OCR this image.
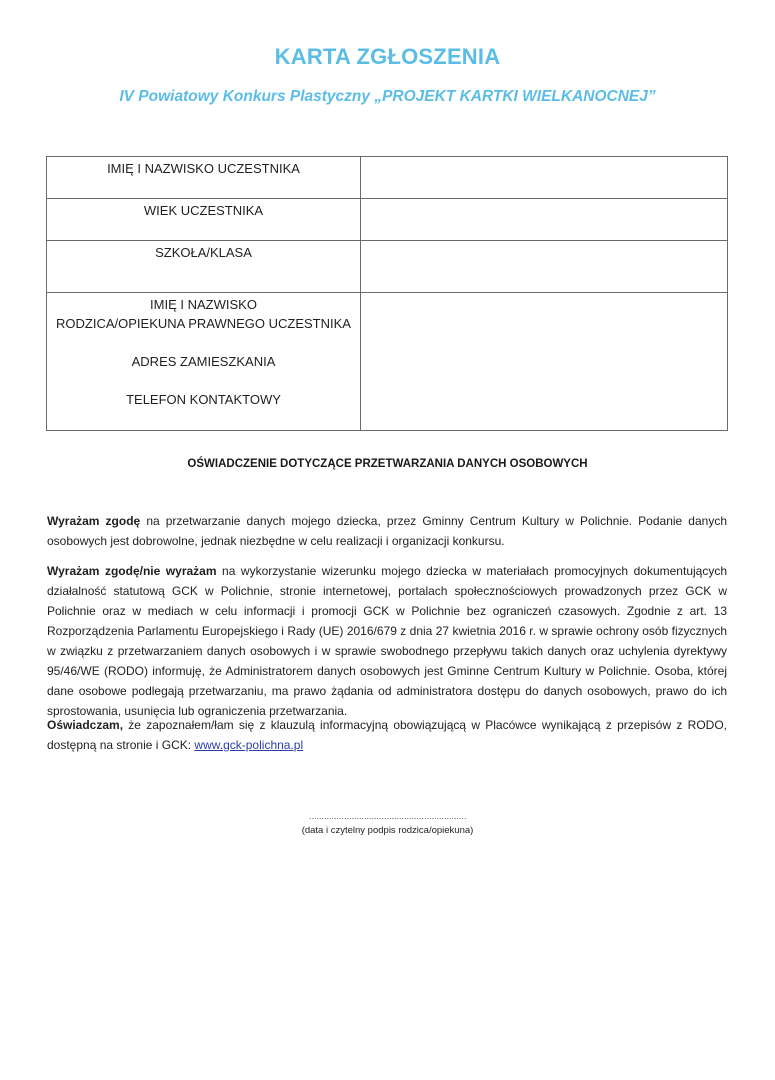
KARTA ZGŁOSZENIA
IV Powiatowy Konkurs Plastyczny „PROJEKT KARTKI WIELKANOCNEJ”
IMIĘ I NAZWISKO UCZESTNIKA	

WIEK UCZESTNIKA	

SZKOŁA/KLASA	

IMIĘ I NAZWISKO
RODZICA/OPIEKUNA PRAWNEGO UCZESTNIKA
ADRES ZAMIESZKANIA
TELEFON KONTAKTOWY	

OŚWIADCZENIE DOTYCZĄCE PRZETWARZANIA DANYCH OSOBOWYCH
Wyrażam zgodę na przetwarzanie danych mojego dziecka, przez Gminny Centrum Kultury w Polichnie. Podanie danych osobowych jest dobrowolne, jednak niezbędne w celu realizacji i organizacji konkursu.
Wyrażam zgodę/nie wyrażam na wykorzystanie wizerunku mojego dziecka w materiałach promocyjnych dokumentujących działalność statutową GCK w Polichnie, stronie internetowej, portalach społecznościowych prowadzonych przez GCK w Polichnie oraz w mediach w celu informacji i promocji GCK w Polichnie bez ograniczeń czasowych. Zgodnie z art. 13 Rozporządzenia Parlamentu Europejskiego i Rady (UE) 2016/679 z dnia 27 kwietnia 2016 r. w sprawie ochrony osób fizycznych w związku z przetwarzaniem danych osobowych i w sprawie swobodnego przepływu takich danych oraz uchylenia dyrektywy 95/46/WE (RODO) informuję, że Administratorem danych osobowych jest Gminne Centrum Kultury w Polichnie. Osoba, której dane osobowe podlegają przetwarzaniu, ma prawo żądania od administratora dostępu do danych osobowych, prawo do ich sprostowania, usunięcia lub ograniczenia przetwarzania.
Oświadczam, że zapoznałem/łam się z klauzulą informacyjną obowiązującą w Placówce wynikającą z przepisów z RODO, dostępną na stronie i GCK: www.gck-polichna.pl
………………………………………………………
(data i czytelny podpis rodzica/opiekuna)
